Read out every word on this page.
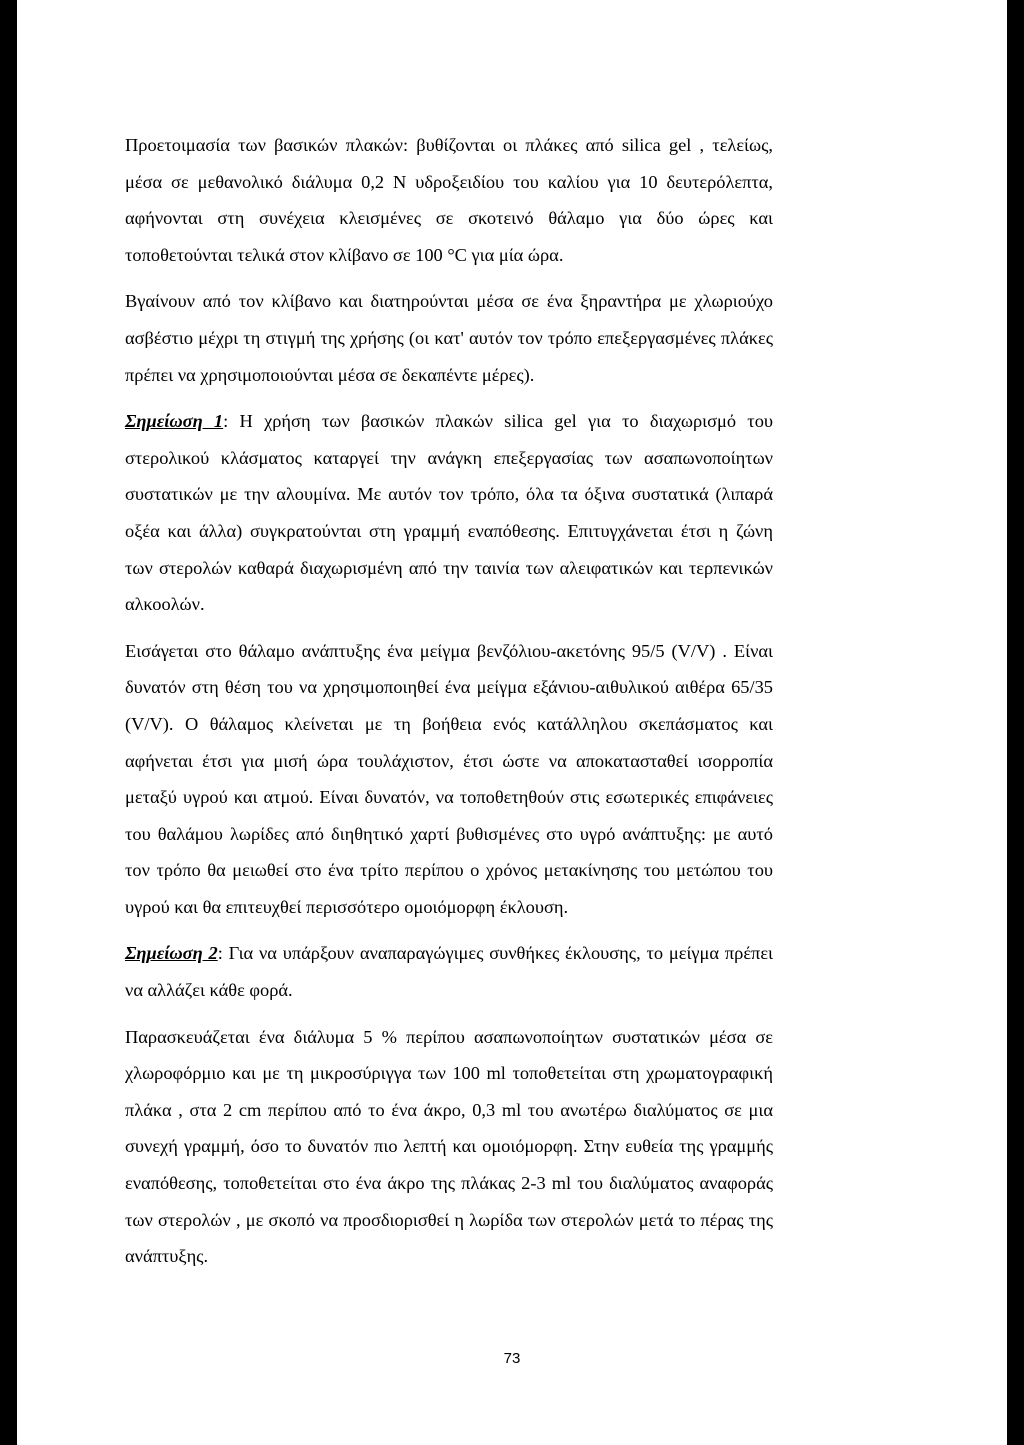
Προετοιμασία των βασικών πλακών: βυθίζονται οι πλάκες από silica gel , τελείως, μέσα σε μεθανολικό διάλυμα 0,2 Ν υδροξειδίου του καλίου για 10 δευτερόλεπτα, αφήνονται στη συνέχεια κλεισμένες σε σκοτεινό θάλαμο για δύο ώρες και τοποθετούνται τελικά στον κλίβανο σε 100 °C για μία ώρα.

Βγαίνουν από τον κλίβανο και διατηρούνται μέσα σε ένα ξηραντήρα με χλωριούχο ασβέστιο μέχρι τη στιγμή της χρήσης (οι κατ' αυτόν τον τρόπο επεξεργασμένες πλάκες πρέπει να χρησιμοποιούνται μέσα σε δεκαπέντε μέρες).

Σημείωση 1: Η χρήση των βασικών πλακών silica gel για το διαχωρισμό του στερολικού κλάσματος καταργεί την ανάγκη επεξεργασίας των ασαπωνοποίητων συστατικών με την αλουμίνα. Με αυτόν τον τρόπο, όλα τα όξινα συστατικά (λιπαρά οξέα και άλλα) συγκρατούνται στη γραμμή εναπόθεσης. Επιτυγχάνεται έτσι η ζώνη των στερολών καθαρά διαχωρισμένη από την ταινία των αλειφατικών και τερπενικών αλκοολών.

Εισάγεται στο θάλαμο ανάπτυξης ένα μείγμα βενζόλιου-ακετόνης 95/5 (V/V) . Είναι δυνατόν στη θέση του να χρησιμοποιηθεί ένα μείγμα εξάνιου-αιθυλικού αιθέρα 65/35 (V/V). Ο θάλαμος κλείνεται με τη βοήθεια ενός κατάλληλου σκεπάσματος και αφήνεται έτσι για μισή ώρα τουλάχιστον, έτσι ώστε να αποκατασταθεί ισορροπία μεταξύ υγρού και ατμού. Είναι δυνατόν, να τοποθετηθούν στις εσωτερικές επιφάνειες του θαλάμου λωρίδες από διηθητικό χαρτί βυθισμένες στο υγρό ανάπτυξης: με αυτό τον τρόπο θα μειωθεί στο ένα τρίτο περίπου ο χρόνος μετακίνησης του μετώπου του υγρού και θα επιτευχθεί περισσότερο ομοιόμορφη έκλουση.

Σημείωση 2: Για να υπάρξουν αναπαραγώγιμες συνθήκες έκλουσης, το μείγμα πρέπει να αλλάζει κάθε φορά.

Παρασκευάζεται ένα διάλυμα 5 % περίπου ασαπωνοποίητων συστατικών μέσα σε χλωροφόρμιο και με τη μικροσύριγγα των 100 ml τοποθετείται στη χρωματογραφική πλάκα , στα 2 cm περίπου από το ένα άκρο, 0,3 ml του ανωτέρω διαλύματος σε μια συνεχή γραμμή, όσο το δυνατόν πιο λεπτή και ομοιόμορφη. Στην ευθεία της γραμμής εναπόθεσης, τοποθετείται στο ένα άκρο της πλάκας 2-3 ml του διαλύματος αναφοράς των στερολών , με σκοπό να προσδιορισθεί η λωρίδα των στερολών μετά το πέρας της ανάπτυξης.

73
